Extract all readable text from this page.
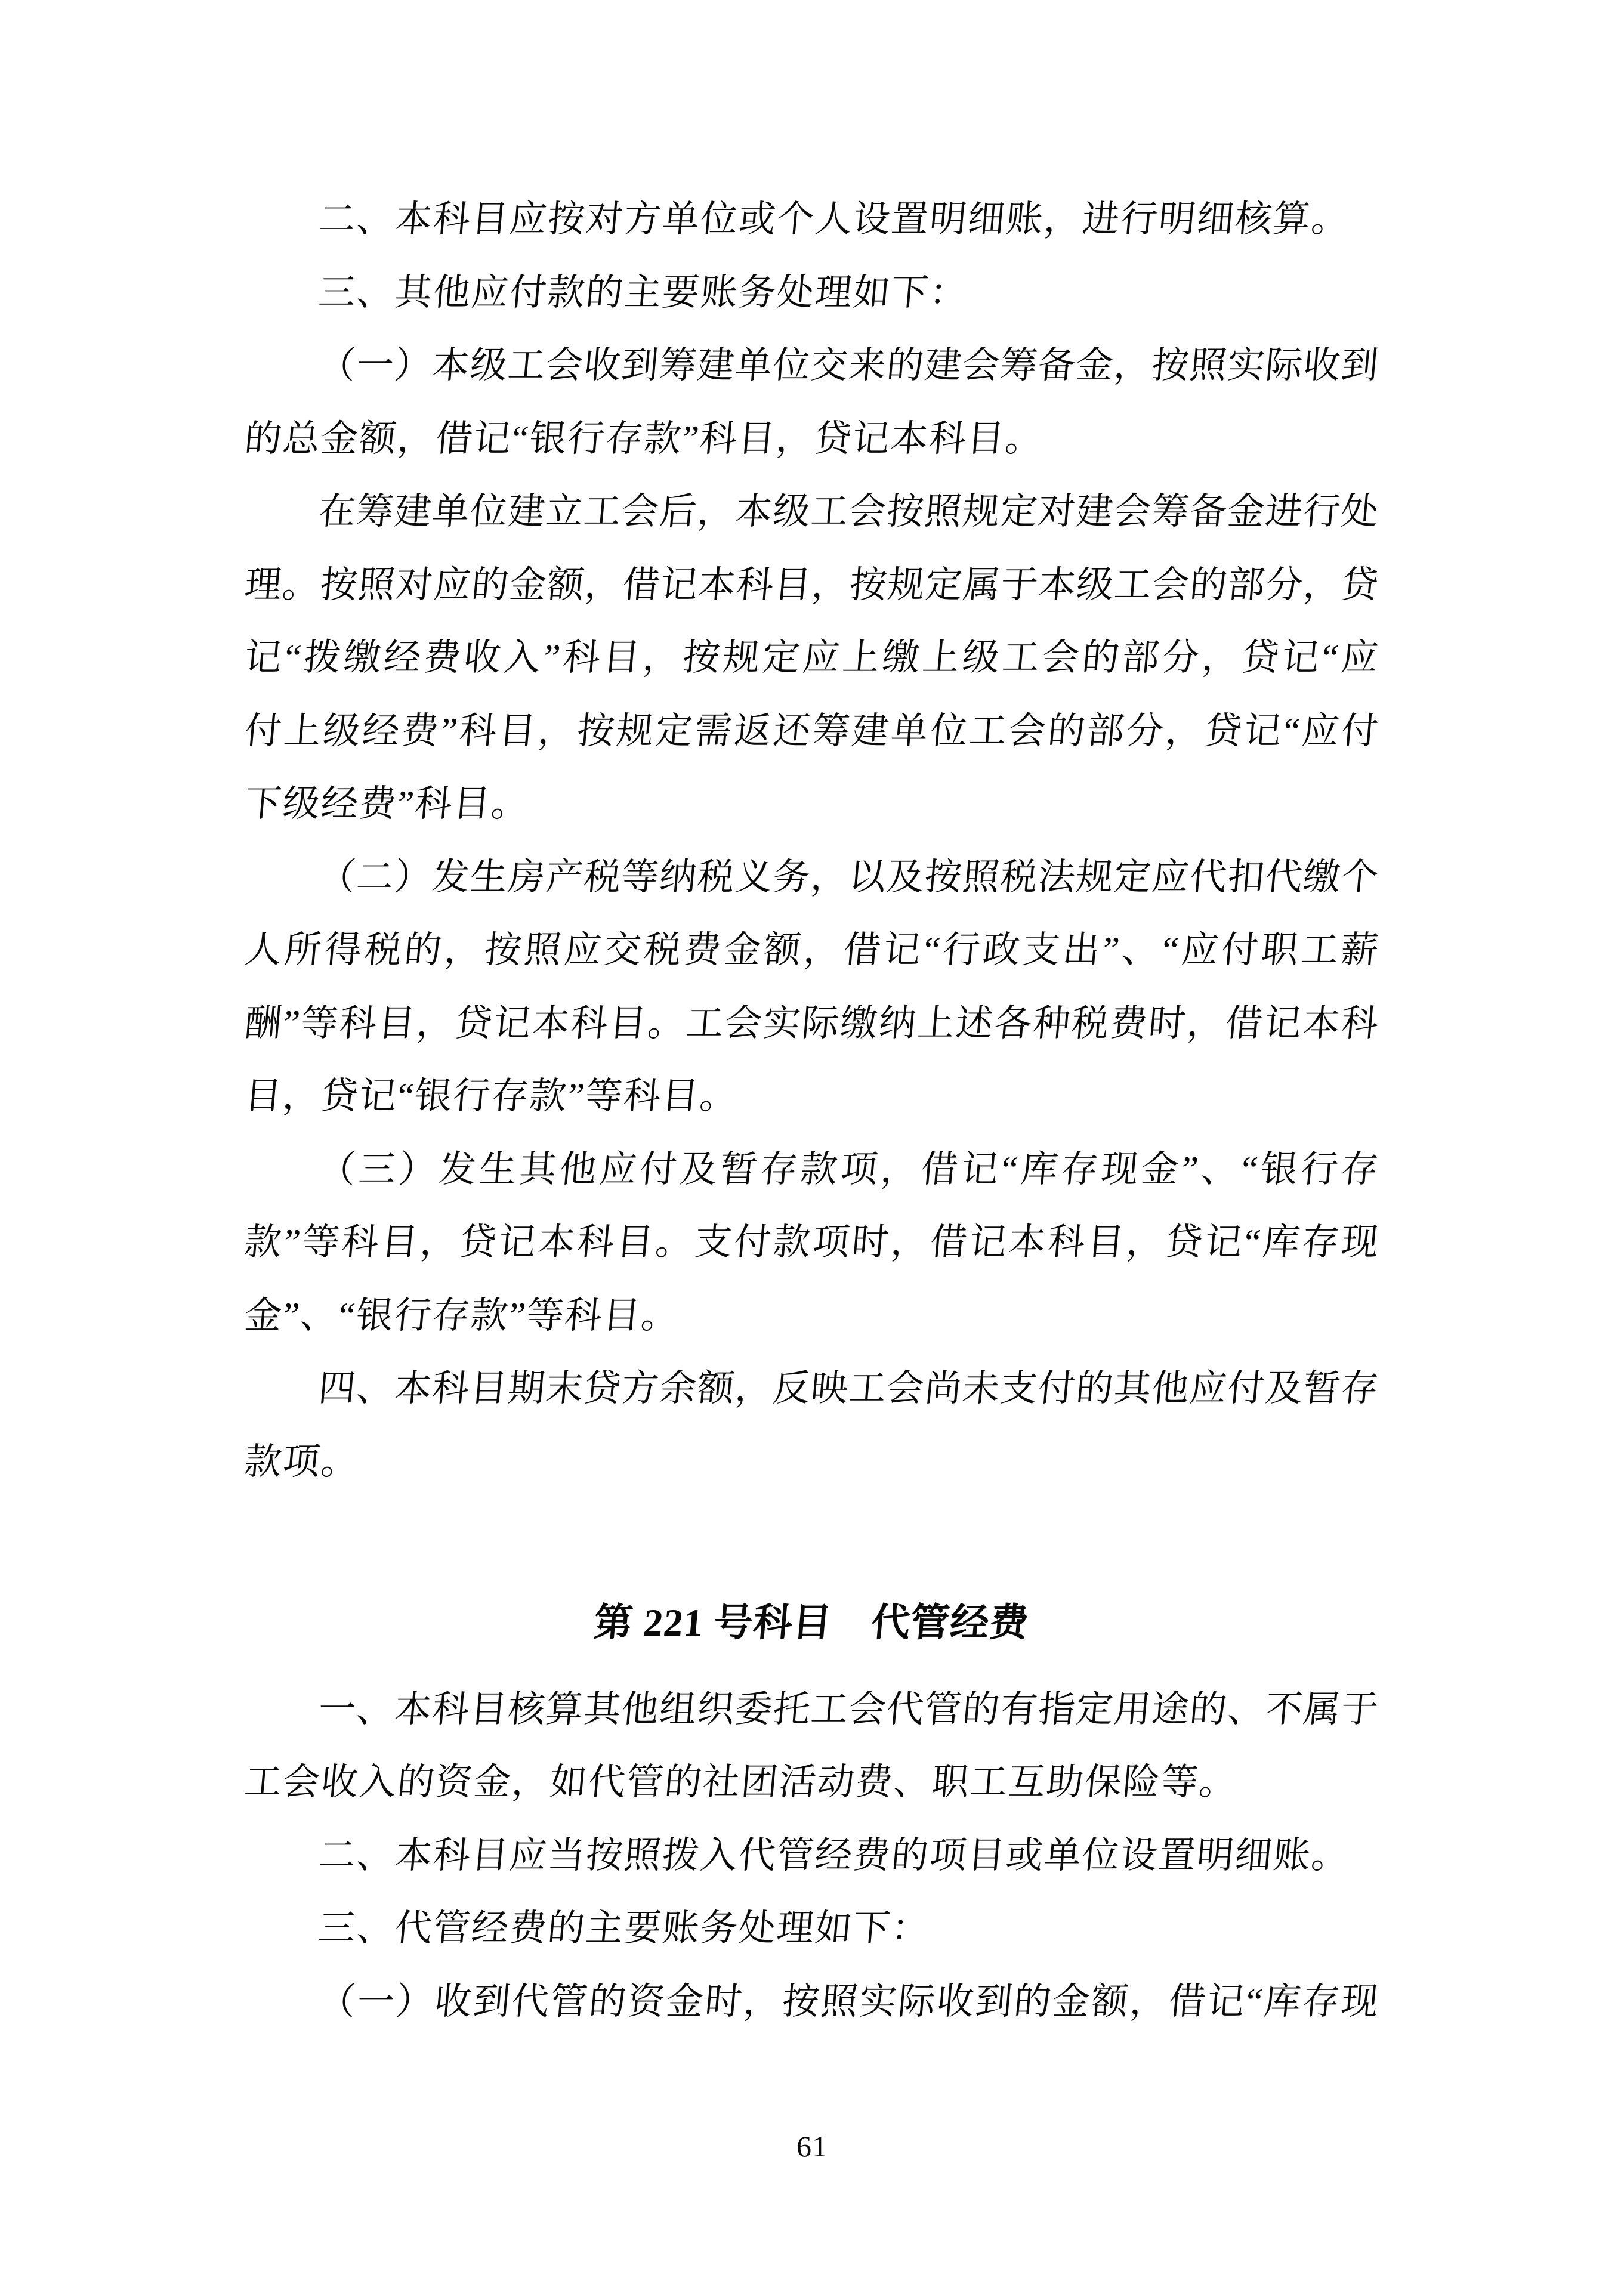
二、本科目应按对方单位或个人设置明细账，进行明细核算。
三、其他应付款的主要账务处理如下：
（一）本级工会收到筹建单位交来的建会筹备金，按照实际收到
的总金额，借记“银行存款”科目，贷记本科目。
在筹建单位建立工会后，本级工会按照规定对建会筹备金进行处
理。按照对应的金额，借记本科目，按规定属于本级工会的部分，贷
记“拨缴经费收入”科目，按规定应上缴上级工会的部分，贷记“应
付上级经费”科目，按规定需返还筹建单位工会的部分，贷记“应付
下级经费”科目。
（二）发生房产税等纳税义务，以及按照税法规定应代扣代缴个
人所得税的，按照应交税费金额，借记“行政支出”、“应付职工薪
酬”等科目，贷记本科目。工会实际缴纳上述各种税费时，借记本科
目，贷记“银行存款”等科目。
（三）发生其他应付及暂存款项，借记“库存现金”、“银行存
款”等科目，贷记本科目。支付款项时，借记本科目，贷记“库存现
金”、“银行存款”等科目。
四、本科目期末贷方余额，反映工会尚未支付的其他应付及暂存
款项。
第 221 号科目　代管经费
一、本科目核算其他组织委托工会代管的有指定用途的、不属于
工会收入的资金，如代管的社团活动费、职工互助保险等。
二、本科目应当按照拨入代管经费的项目或单位设置明细账。
三、代管经费的主要账务处理如下：
（一）收到代管的资金时，按照实际收到的金额，借记“库存现
61
